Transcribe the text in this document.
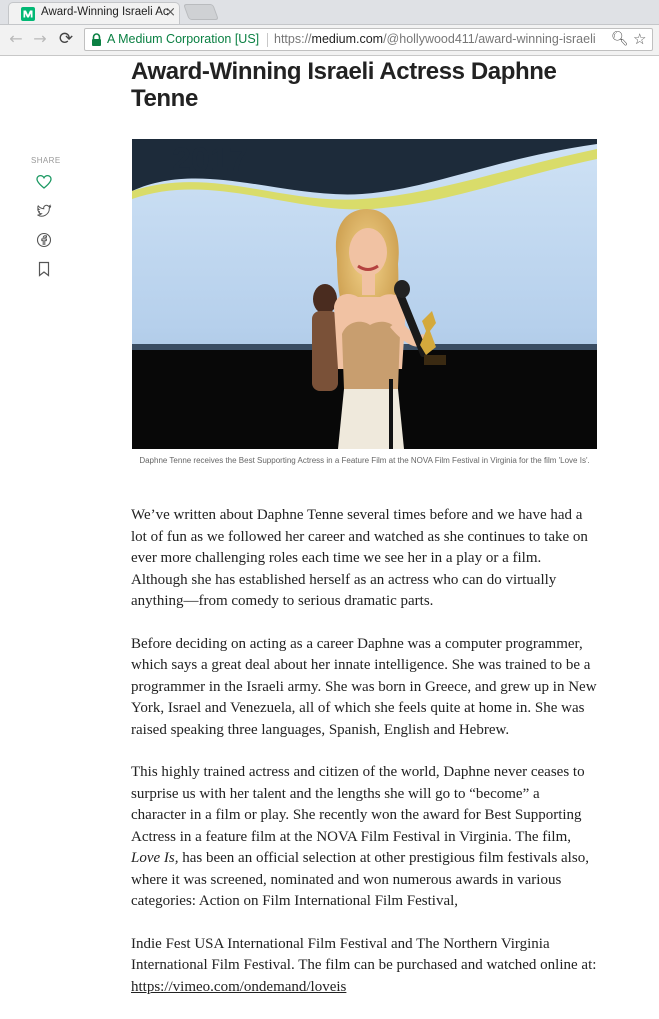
Award-Winning Israeli Ac
×
← → ⟳	A Medium Corporation [US] https://medium.com/@hollywood411/award-winning-israeli	🔍︎ ☆
Award-Winning Israeli Actress Daphne Tenne
SHARE	2017

Daphne Tenne receives the Best Supporting Actress in a Feature Film at the NOVA Film Festival in Virginia for the film 'Love Is'.

We’ve written about Daphne Tenne several times before and we have had a lot of fun as we followed her career and watched as she continues to take on ever more challenging roles each time we see her in a play or a film. Although she has established herself as an actress who can do virtually anything—from comedy to serious dramatic parts.

Before deciding on acting as a career Daphne was a computer programmer, which says a great deal about her innate intelligence. She was trained to be a programmer in the Israeli army. She was born in Greece, and grew up in New York, Israel and Venezuela, all of which she feels quite at home in. She was raised speaking three languages, Spanish, English and Hebrew.

This highly trained actress and citizen of the world, Daphne never ceases to surprise us with her talent and the lengths she will go to “become” a character in a film or play. She recently won the award for Best Supporting Actress in a feature film at the NOVA Film Festival in Virginia. The film, Love Is, has been an official selection at other prestigious film festivals also, where it was screened, nominated and won numerous awards in various categories: Action on Film International Film Festival,

Indie Fest USA International Film Festival and The Northern Virginia International Film Festival. The film can be purchased and watched online at: https://vimeo.com/ondemand/loveis
